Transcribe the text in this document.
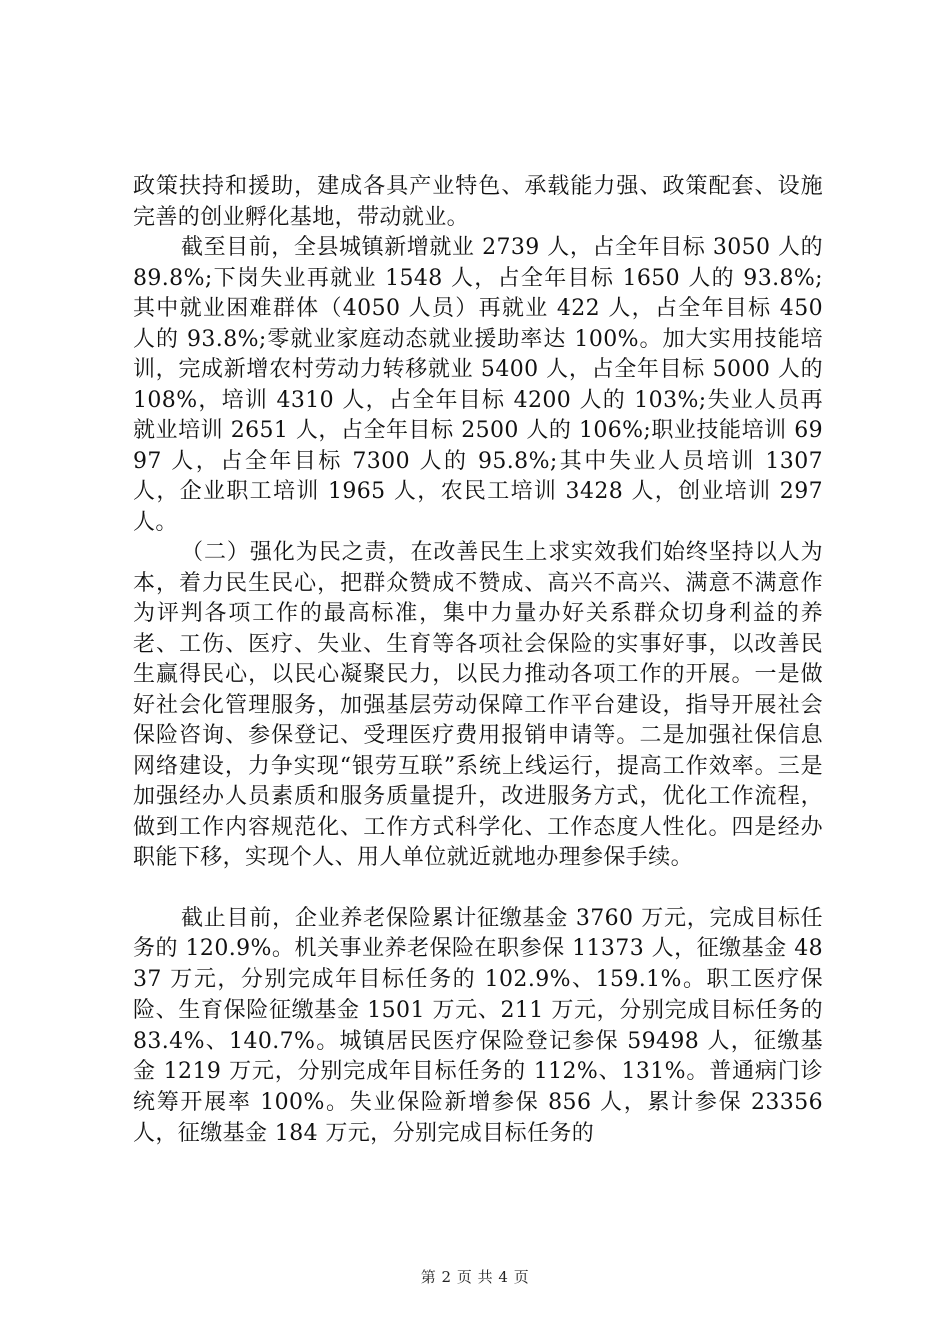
政策扶持和援助，建成各具产业特色、承载能力强、政策配套、设施完善的创业孵化基地，带动就业。

截至目前，全县城镇新增就业 2739 人，占全年目标 3050 人的 89.8%;下岗失业再就业 1548 人，占全年目标 1650 人的 93.8%;其中就业困难群体（4050 人员）再就业 422 人，占全年目标 450 人的 93.8%;零就业家庭动态就业援助率达 100%。加大实用技能培训，完成新增农村劳动力转移就业 5400 人，占全年目标 5000 人的 108%，培训 4310 人，占全年目标 4200 人的 103%;失业人员再就业培训 2651 人，占全年目标 2500 人的 106%;职业技能培训 6997 人，占全年目标 7300 人的 95.8%;其中失业人员培训 1307 人，企业职工培训 1965 人，农民工培训 3428 人，创业培训 297 人。

（二）强化为民之责，在改善民生上求实效我们始终坚持以人为本，着力民生民心，把群众赞成不赞成、高兴不高兴、满意不满意作为评判各项工作的最高标准，集中力量办好关系群众切身利益的养老、工伤、医疗、失业、生育等各项社会保险的实事好事，以改善民生赢得民心，以民心凝聚民力，以民力推动各项工作的开展。一是做好社会化管理服务，加强基层劳动保障工作平台建设，指导开展社会保险咨询、参保登记、受理医疗费用报销申请等。二是加强社保信息网络建设，力争实现“银劳互联”系统上线运行，提高工作效率。三是加强经办人员素质和服务质量提升，改进服务方式，优化工作流程，做到工作内容规范化、工作方式科学化、工作态度人性化。四是经办职能下移，实现个人、用人单位就近就地办理参保手续。

截止目前，企业养老保险累计征缴基金 3760 万元，完成目标任务的 120.9%。机关事业养老保险在职参保 11373 人，征缴基金 4837 万元，分别完成年目标任务的 102.9%、159.1%。职工医疗保险、生育保险征缴基金 1501 万元、211 万元，分别完成目标任务的 83.4%、140.7%。城镇居民医疗保险登记参保 59498 人，征缴基金 1219 万元，分别完成年目标任务的 112%、131%。普通病门诊统筹开展率 100%。失业保险新增参保 856 人，累计参保 23356 人，征缴基金 184 万元，分别完成目标任务的

第 2 页 共 4 页
